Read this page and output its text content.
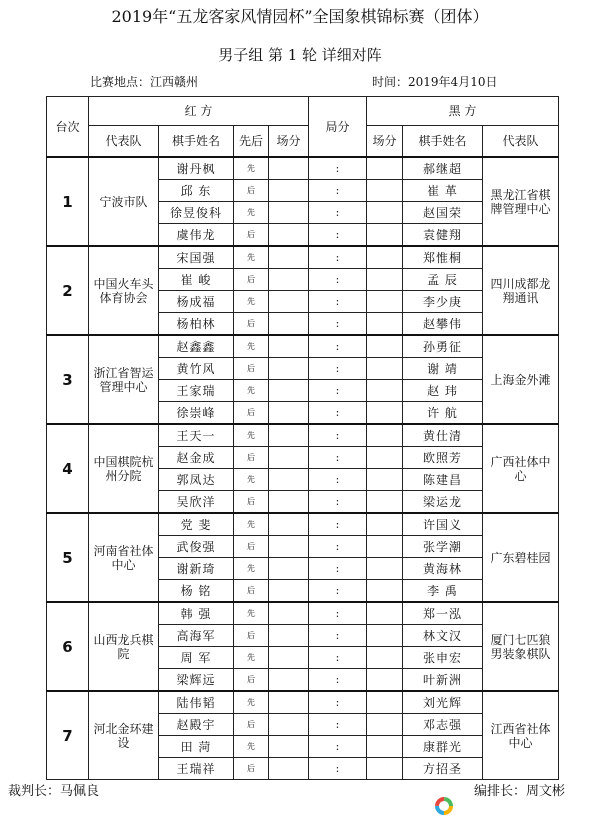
2019年“五龙客家风情园杯”全国象棋锦标赛（团体）
男子组 第 1 轮 详细对阵
比赛地点：江西赣州	时间：2019年4月10日
台次	红 方				局分	黑 方		
	代表队	棋手姓名	先后	场分		场分	棋手姓名	代表队
1	宁波市队	谢丹枫	先		:		郝继超	黑龙江省棋牌管理中心
		邱 东	后		:		崔 革	
		徐昱俊科	先		:		赵国荣	
		虞伟龙	后		:		袁健翔	
2	中国火车头体育协会	宋国强	先		:		郑惟桐	四川成都龙翔通讯
		崔 峻	后		:		孟 辰	
		杨成福	先		:		李少庚	
		杨柏林	后		:		赵攀伟	
3	浙江省智运管理中心	赵鑫鑫	先		:		孙勇征	上海金外滩
		黄竹风	后		:		谢 靖	
		王家瑞	先		:		赵 玮	
		徐崇峰	后		:		许 航	
4	中国棋院杭州分院	王天一	先		:		黄仕清	广西社体中心
		赵金成	后		:		欧照芳	
		郭凤达	先		:		陈建昌	
		吴欣洋	后		:		梁运龙	
5	河南省社体中心	党 斐	先		:		许国义	广东碧桂园
		武俊强	后		:		张学潮	
		谢新琦	先		:		黄海林	
		杨 铭	后		:		李 禹	
6	山西龙兵棋院	韩 强	先		:		郑一泓	厦门七匹狼男装象棋队
		高海军	后		:		林文汉	
		周 军	先		:		张申宏	
		梁辉远	后		:		叶新洲	
7	河北金环建设	陆伟韬	先		:		刘光辉	江西省社体中心
		赵殿宇	后		:		邓志强	
		田 菏	先		:		康群光	
		王瑞祥	后		:		方招圣	
裁判长：马佩良	编排长：周文彬
